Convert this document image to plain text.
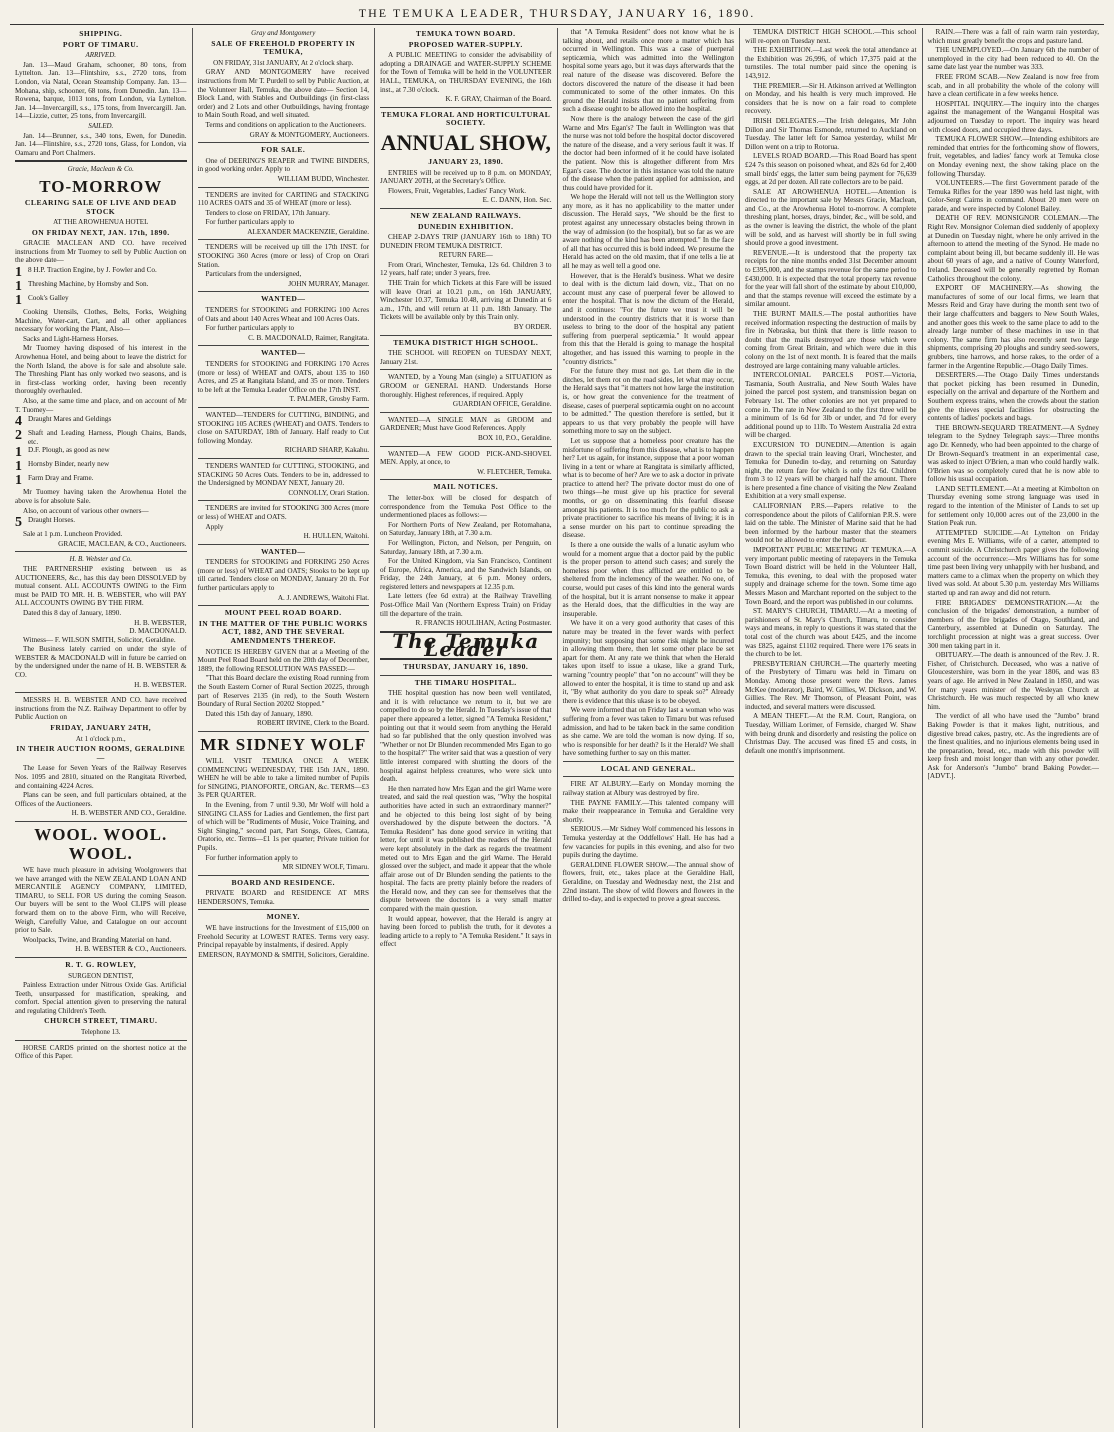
THE TEMUKA LEADER, THURSDAY, JANUARY 16, 1890.
SHIPPING.
PORT OF TIMARU.
ARRIVED.

Jan. 13—Maud Graham, schooner, 80 tons, from Lyttelton. Jan. 13—Flintshire, s.s., 2720 tons, from London, via Natal, Ocean Steamship Company. Jan. 13—Mohana, ship, schooner, 68 tons, from Dunedin. Jan. 13—Rowena, barque, 1013 tons, from London, via Lyttelton. Jan. 14—Invercargill, s.s., 175 tons, from Invercargill. Jan. 14—Lizzie, cutter, 25 tons, from Invercargill.

SAILED.

Jan. 14—Brunner, s.s., 340 tons, Ewen, for Dunedin. Jan. 14—Flintshire, s.s., 2720 tons, Glass, for London, via Oamaru and Port Chalmers.

Gracie, Maclean & Co.
TO-MORROW
CLEARING SALE OF LIVE AND DEAD STOCK
AT THE AROWHENUA HOTEL
ON FRIDAY NEXT, JAN. 17th, 1890.

GRACIE MACLEAN AND CO. have received instructions from Mr Tuomey to sell by Public Auction on the above date—

1 8 H.P. Traction Engine, by J. Fowler and Co.
1 Threshing Machine, by Hornsby and Son.
1 Cook's Galley

Cooking Utensils, Clothes, Belts, Forks, Weighing Machine, Water-cart, Cart, and all other appliances necessary for working the Plant, Also—

Sacks and Light-Harness Horses.

Mr Tuomey having disposed of his interest in the Arowhenua Hotel, and being about to leave the district for the North Island, the above is for sale and absolute sale. The Threshing Plant has only worked two seasons, and is in first-class working order, having been recently thoroughly overhauled.

Also, at the same time and place, and on account of Mr T. Tuomey—

4 Draught Mares and Geldings
2 Shaft and Leading Harness, Plough Chains, Bands, etc.
1 D.F. Plough, as good as new
1 Hornsby Binder, nearly new
1 Farm Dray and Frame.

Mr Tuomey having taken the Arowhenua Hotel the above is for absolute Sale.

Also, on account of various other owners—

5 Draught Horses.

Sale at 1 p.m. Luncheon Provided.

GRACIE, MACLEAN, & CO., Auctioneers.
H. B. Webster and Co.

THE PARTNERSHIP existing between us as AUCTIONEERS, &c., has this day been DISSOLVED by mutual consent. ALL ACCOUNTS OWING to the Firm must be PAID TO MR. H. B. WEBSTER, who will PAY ALL ACCOUNTS OWING BY THE FIRM.

Dated this 8 day of January, 1890.

H. B. WEBSTER,
D. MACDONALD.

Witness— F. WILSON SMITH, Solicitor, Geraldine.

The Business lately carried on under the style of WEBSTER & MACDONALD will in future be carried on by the undersigned under the name of H. B. WEBSTER & CO.

H. B. WEBSTER.

MESSRS H. B. WEBSTER AND CO. have received instructions from the N.Z. Railway Department to offer by Public Auction on

FRIDAY, JANUARY 24TH,
At 1 o'clock p.m.,
IN THEIR AUCTION ROOMS, GERALDINE—

The Lease for Seven Years of the Railway Reserves Nos. 1095 and 2810, situated on the Rangitata Riverbed, and containing 4224 Acres.

Plans can be seen, and full particulars obtained, at the Offices of the Auctioneers.

H. B. WEBSTER AND CO., Geraldine.
WOOL. WOOL. WOOL.

WE have much pleasure in advising Woolgrowers that we have arranged with the NEW ZEALAND LOAN AND MERCANTILE AGENCY COMPANY, LIMITED, TIMARU, to SELL FOR US during the coming Season. Our buyers will be sent to the Wool CLIPS will please forward them on to the above Firm, who will Receive, Weigh, Carefully Value, and Catalogue on our account prior to Sale.

Woolpacks, Twine, and Branding Material on hand.

H. B. WEBSTER & CO., Auctioneers.
R. T. G. ROWLEY,
SURGEON DENTIST,

Painless Extraction under Nitrous Oxide Gas. Artificial Teeth, unsurpassed for mastification, speaking, and comfort. Special attention given to preserving the natural and regulating Children's Teeth.

CHURCH STREET, TIMARU.
Telephone 13.

HORSE CARDS printed on the shortest notice at the Office of this Paper.

Gray and Montgomery
SALE OF FREEHOLD PROPERTY IN TEMUKA,
ON FRIDAY, 31st JANUARY, At 2 o'clock sharp.

GRAY AND MONTGOMERY have received instructions from Mr T. Purdell to sell by Public Auction, at the Volunteer Hall, Temuka, the above date— Section 14, Block Land, with Stables and Outbuildings (in first-class order) and 2 Lots and other Outbuildings, having frontage to Main South Road, and well situated.

Terms and conditions on application to the Auctioneers.

GRAY & MONTGOMERY, Auctioneers.
FOR SALE.

One of DEERING'S REAPER and TWINE BINDERS, in good working order. Apply to

WILLIAM BUDD, Winchester.

TENDERS are invited for CARTING and STACKING 110 ACRES OATS and 35 of WHEAT (more or less).

Tenders to close on FRIDAY, 17th January.

For further particulars apply to

ALEXANDER MACKENZIE, Geraldine.

TENDERS will be received up till the 17th INST. for STOOKING 360 Acres (more or less) of Crop on Orari Station.

Particulars from the undersigned,

JOHN MURRAY, Manager.
WANTED—

TENDERS for STOOKING and FORKING 100 Acres of Oats and about 140 Acres Wheat and 100 Acres Oats.

For further particulars apply to

C. B. MACDONALD, Raimer, Rangitata.
WANTED—

TENDERS for STOOKING and FORKING 170 Acres (more or less) of WHEAT and OATS, about 135 to 160 Acres, and 25 at Rangitata Island, and 35 or more. Tenders to be left at the Temuka Leader Office on the 17th INST.

T. PALMER, Grosby Farm.

WANTED—TENDERS for CUTTING, BINDING, and STOOKING 105 ACRES (WHEAT) and OATS. Tenders to close on SATURDAY, 18th of January. Half ready to Cut following Monday.

RICHARD SHARP, Kakahu.

TENDERS WANTED for CUTTING, STOOKING, and STACKING 50 Acres Oats. Tenders to be in, addressed to the Undersigned by MONDAY NEXT, January 20.

CONNOLLY, Orari Station.

TENDERS are invited for STOOKING 300 Acres (more or less) of WHEAT and OATS.

Apply

H. HULLEN, Waitohi.
WANTED—

TENDERS for STOOKING and FORKING 250 Acres (more or less) of WHEAT and OATS; Stooks to be kept up till carted. Tenders close on MONDAY, January 20 th. For further particulars apply to

A. J. ANDREWS, Waitohi Flat.
MOUNT PEEL ROAD BOARD.
IN THE MATTER OF THE PUBLIC WORKS ACT, 1882, AND THE SEVERAL AMENDMENTS THEREOF.

NOTICE IS HEREBY GIVEN that at a Meeting of the Mount Peel Road Board held on the 20th day of December, 1889, the following RESOLUTION WAS PASSED:—

"That this Board declare the existing Road running from the South Eastern Corner of Rural Section 20225, through part of Reserves 2135 (in red), to the South Western Boundary of Rural Section 20202 Stopped."

Dated this 15th day of January, 1890.

ROBERT IRVINE, Clerk to the Board.
MR SIDNEY WOLF

WILL VISIT TEMUKA ONCE A WEEK COMMENCING WEDNESDAY, THE 15th JAN., 1890. WHEN he will be able to take a limited number of Pupils for SINGING, PIANOFORTE, ORGAN, &c. TERMS—£3 3s PER QUARTER.

In the Evening, from 7 until 9.30, Mr Wolf will hold a SINGING CLASS for Ladies and Gentlemen, the first part of which will be "Rudiments of Music, Voice Training, and Sight Singing," second part, Part Songs, Glees, Cantata, Oratorio, etc. Terms—£1 1s per quarter; Private tuition for Pupils.

For further information apply to

MR SIDNEY WOLF, Timaru.
BOARD AND RESIDENCE.

PRIVATE BOARD and RESIDENCE AT MRS HENDERSON'S, Temuka.

MONEY.

WE have instructions for the Investment of £15,000 on Freehold Security at LOWEST RATES. Terms very easy. Principal repayable by instalments, if desired. Apply

EMERSON, RAYMOND & SMITH, Solicitors, Geraldine.
TEMUKA TOWN BOARD.
PROPOSED WATER-SUPPLY.

A PUBLIC MEETING to consider the advisability of adopting a DRAINAGE and WATER-SUPPLY SCHEME for the Town of Temuka will be held in the VOLUNTEER HALL, TEMUKA, on THURSDAY EVENING, the 16th inst., at 7.30 o'clock.

K. F. GRAY, Chairman of the Board.
TEMUKA FLORAL AND HORTICULTURAL SOCIETY.
ANNUAL SHOW,
JANUARY 23, 1890.

ENTRIES will be received up to 8 p.m. on MONDAY, JANUARY 20TH, at the Secretary's Office.

Flowers, Fruit, Vegetables, Ladies' Fancy Work.

E. C. DANN, Hon. Sec.
NEW ZEALAND RAILWAYS.
DUNEDIN EXHIBITION.

CHEAP 2-DAYS TRIP (JANUARY 16th to 18th) TO DUNEDIN FROM TEMUKA DISTRICT.

RETURN FARE—

From Orari, Winchester, Temuka, 12s 6d. Children 3 to 12 years, half rate; under 3 years, free.

THE Train for which Tickets at this Fare will be issued will leave Orari at 10.21 p.m., on 16th JANUARY, Winchester 10.37, Temuka 10.48, arriving at Dunedin at 6 a.m., 17th, and will return at 11 p.m. 18th January. The Tickets will be available only by this Train only.

BY ORDER.
TEMUKA DISTRICT HIGH SCHOOL.

THE SCHOOL will REOPEN on TUESDAY NEXT, January 21st.

WANTED, by a Young Man (single) a SITUATION as GROOM or GENERAL HAND. Understands Horse thoroughly. Highest references, if required. Apply

GUARDIAN OFFICE, Geraldine.

WANTED—A SINGLE MAN as GROOM and GARDENER; Must have Good References. Apply

BOX 10, P.O., Geraldine.

WANTED—A FEW GOOD PICK-AND-SHOVEL MEN. Apply, at once, to

W. FLETCHER, Temuka.
MAIL NOTICES.

The letter-box will be closed for despatch of correspondence from the Temuka Post Office to the undermentioned places as follows:—

For Northern Ports of New Zealand, per Rotomahana, on Saturday, January 18th, at 7.30 a.m.

For Wellington, Picton, and Nelson, per Penguin, on Saturday, January 18th, at 7.30 a.m.

For the United Kingdom, via San Francisco, Continent of Europe, Africa, America, and the Sandwich Islands, on Friday, the 24th January, at 6 p.m. Money orders, registered letters and newspapers at 12.35 p.m.

Late letters (fee 6d extra) at the Railway Travelling Post-Office Mail Van (Northern Express Train) on Friday till the departure of the train.

R. FRANCIS HOULIHAN, Acting Postmaster.
The Temuka Leader
THURSDAY, JANUARY 16, 1890.
THE TIMARU HOSPITAL.

THE hospital question has now been well ventilated, and it is with reluctance we return to it, but we are compelled to do so by the Herald. In Tuesday's issue of that paper there appeared a letter, signed "A Temuka Resident," pointing out that it would seem from anything the Herald had so far published that the only question involved was "Whether or not Dr Blunden recommended Mrs Egan to go to the hospital?" The writer said that was a question of very little interest compared with shutting the doors of the hospital against helpless creatures, who were sick unto death.

He then narrated how Mrs Egan and the girl Warne were treated, and said the real question was, "Why the hospital authorities have acted in such an extraordinary manner?" and he objected to this being lost sight of by being overshadowed by the dispute between the doctors. "A Temuka Resident" has done good service in writing that letter, for until it was published the readers of the Herald were kept absolutely in the dark as regards the treatment meted out to Mrs Egan and the girl Warne. The Herald glossed over the subject, and made it appear that the whole affair arose out of Dr Blunden sending the patients to the hospital. The facts are pretty plainly before the readers of the Herald now, and they can see for themselves that the dispute between the doctors is a very small matter compared with the main question.

It would appear, however, that the Herald is angry at having been forced to publish the truth, for it devotes a leading article to a reply to "A Temuka Resident." It says in effect

that "A Temuka Resident" does not know what he is talking about, and retails once more a matter which has occurred in Wellington. This was a case of puerperal septicæmia, which was admitted into the Wellington hospital some years ago, but it was days afterwards that the real nature of the disease was discovered. Before the doctors discovered the nature of the disease it had been communicated to some of the other inmates. On this ground the Herald insists that no patient suffering from such a disease ought to be allowed into the hospital.

Now there is the analogy between the case of the girl Warne and Mrs Egan's? The fault in Wellington was that the nurse was not told before the hospital doctor discovered the nature of the disease, and a very serious fault it was. If the doctor had been informed of it he could have isolated the patient. Now this is altogether different from Mrs Egan's case. The doctor in this instance was told the nature of the disease when the patient applied for admission, and thus could have provided for it.

We hope the Herald will not tell us the Wellington story any more, as it has no applicability to the matter under discussion. The Herald says, "We should be the first to protest against any unnecessary obstacles being thrown in the way of admission (to the hospital), but so far as we are aware nothing of the kind has been attempted." In the face of all that has occurred this is bold indeed. We presume the Herald has acted on the old maxim, that if one tells a lie at all he may as well tell a good one.

However, that is the Herald's business. What we desire to deal with is the dictum laid down, viz., That on no account must any case of puerperal fever be allowed to enter the hospital. That is now the dictum of the Herald, and it continues: "For the future we trust it will be understood in the country districts that it is worse than useless to bring to the door of the hospital any patient suffering from puerperal septicæmia." It would appear from this that the Herald is going to manage the hospital altogether, and has issued this warning to people in the "country districts."

For the future they must not go. Let them die in the ditches, let them rot on the road sides, let what may occur, the Herald says that "it matters not how large the institution is, or how great the convenience for the treatment of disease, cases of puerperal septicæmia ought on no account to be admitted." The question therefore is settled, but it appears to us that very probably the people will have something more to say on the subject.

Let us suppose that a homeless poor creature has the misfortune of suffering from this disease, what is to happen her? Let us again, for instance, suppose that a poor woman living in a tent or whare at Rangitata is similarly afflicted, what is to become of her? Are we to ask a doctor in private practice to attend her? The private doctor must do one of two things—he must give up his practice for several months, or go on disseminating this fearful disease amongst his patients. It is too much for the public to ask a private practitioner to sacrifice his means of living; it is in a sense murder on his part to continue spreading the disease.

Is there a one outside the walls of a lunatic asylum who would for a moment argue that a doctor paid by the public is the proper person to attend such cases; and surely the homeless poor when thus afflicted are entitled to be sheltered from the inclemency of the weather. No one, of course, would put cases of this kind into the general wards of the hospital, but it is arrant nonsense to make it appear as the Herald does, that the difficulties in the way are insuperable.

We have it on a very good authority that cases of this nature may be treated in the fever wards with perfect impunity; but supposing that some risk might be incurred in allowing them there, then let some other place be set apart for them. At any rate we think that when the Herald takes upon itself to issue a ukase, like a grand Turk, warning "country people" that "on no account" will they be allowed to enter the hospital, it is time to stand up and ask it, "By what authority do you dare to speak so?" Already there is evidence that this ukase is to be obeyed.

We were informed that on Friday last a woman who was suffering from a fever was taken to Timaru but was refused admission, and had to be taken back in the same condition as she came. We are told the woman is now dying. If so, who is responsible for her death? Is it the Herald? We shall have something further to say on this matter.

LOCAL AND GENERAL.

FIRE AT ALBURY.—Early on Monday morning the railway station at Albury was destroyed by fire.

THE PAYNE FAMILY.—This talented company will make their reappearance in Temuka and Geraldine very shortly.

SERIOUS.—Mr Sidney Wolf commenced his lessons in Temuka yesterday at the Oddfellows' Hall. He has had a few vacancies for pupils in this evening, and also for two pupils during the daytime.

GERALDINE FLOWER SHOW.—The annual show of flowers, fruit, etc., takes place at the Geraldine Hall, Geraldine, on Tuesday and Wednesday next, the 21st and 22nd instant. The show of wild flowers and flowers in the drilled to-day, and is expected to prove a great success.

TEMUKA DISTRICT HIGH SCHOOL.—This school will re-open on Tuesday next.

THE EXHIBITION.—Last week the total attendance at the Exhibition was 26,996, of which 17,375 paid at the turnstiles. The total number paid since the opening is 143,912.

THE PREMIER.—Sir H. Atkinson arrived at Wellington on Monday, and his health is very much improved. He considers that he is now on a fair road to complete recovery.

IRISH DELEGATES.—The Irish delegates, Mr John Dillon and Sir Thomas Esmonde, returned to Auckland on Tuesday. The latter left for Samoa yesterday, whilst Mr Dillon went on a trip to Rotorua.

LEVELS ROAD BOARD.—This Road Board has spent £24 7s this season on poisoned wheat, and 82s 6d for 2,400 small birds' eggs, the latter sum being payment for 76,639 eggs, at 2d per dozen. All rate collectors are to be paid.

SALE AT AROWHENUA HOTEL.—Attention is directed to the important sale by Messrs Gracie, Maclean, and Co., at the Arowhenua Hotel to-morrow. A complete threshing plant, horses, drays, binder, &c., will be sold, and as the owner is leaving the district, the whole of the plant will be sold, and as harvest will shortly be in full swing should prove a good investment.

REVENUE.—It is understood that the property tax receipts for the nine months ended 31st December amount to £395,000, and the stamps revenue for the same period to £430,000. It is expected that the total property tax revenue for the year will fall short of the estimate by about £10,000, and that the stamps revenue will exceed the estimate by a similar amount.

THE BURNT MAILS.—The postal authorities have received information respecting the destruction of mails by fire in Nebraska, but think that there is little reason to doubt that the mails destroyed are those which were coming from Great Britain, and which were due in this colony on the 1st of next month. It is feared that the mails destroyed are large containing many valuable articles.

INTERCOLONIAL PARCELS POST.—Victoria, Tasmania, South Australia, and New South Wales have joined the parcel post system, and transmission began on February 1st. The other colonies are not yet prepared to come in. The rate in New Zealand to the first three will be a minimum of 1s 6d for 3lb or under, and 7d for every additional pound up to 11lb. To Western Australia 2d extra will be charged.

EXCURSION TO DUNEDIN.—Attention is again drawn to the special train leaving Orari, Winchester, and Temuka for Dunedin to-day, and returning on Saturday night, the return fare for which is only 12s 6d. Children from 3 to 12 years will be charged half the amount. There is here presented a fine chance of visiting the New Zealand Exhibition at a very small expense.

CALIFORNIAN P.RS.—Papers relative to the correspondence about the pilots of Californian P.R.S. were laid on the table. The Minister of Marine said that he had been informed by the harbour master that the steamers would not be allowed to enter the harbour.

IMPORTANT PUBLIC MEETING AT TEMUKA.—A very important public meeting of ratepayers in the Temuka Town Board district will be held in the Volunteer Hall, Temuka, this evening, to deal with the proposed water supply and drainage scheme for the town. Some time ago Messrs Mason and Marchant reported on the subject to the Town Board, and the report was published in our columns.

ST. MARY'S CHURCH, TIMARU.—At a meeting of parishioners of St. Mary's Church, Timaru, to consider ways and means, in reply to questions it was stated that the total cost of the church was about £425, and the income was £825, against £1102 required. There were 176 seats in the church to be let.

PRESBYTERIAN CHURCH.—The quarterly meeting of the Presbytery of Timaru was held in Timaru on Monday. Among those present were the Revs. James McKee (moderator), Baird, W. Gillies, W. Dickson, and W. Gillies. The Rev. Mr Thomson, of Pleasant Point, was inducted, and several matters were discussed.

A MEAN THEFT.—At the R.M. Court, Rangiora, on Tuesday, William Lorimer, of Fernside, charged W. Shaw with being drunk and disorderly and resisting the police on Christmas Day. The accused was fined £5 and costs, in default one month's imprisonment.

RAIN.—There was a fall of rain warm rain yesterday, which must greatly benefit the crops and pasture land.

THE UNEMPLOYED.—On January 6th the number of unemployed in the city had been reduced to 40. On the same date last year the number was 333.

FREE FROM SCAB.—New Zealand is now free from scab, and in all probability the whole of the colony will have a clean certificate in a few weeks hence.

HOSPITAL INQUIRY.—The inquiry into the charges against the management of the Wanganui Hospital was adjourned on Tuesday to report. The inquiry was heard with closed doors, and occupied three days.

TEMUKA FLOWER SHOW.—Intending exhibitors are reminded that entries for the forthcoming show of flowers, fruit, vegetables, and ladies' fancy work at Temuka close on Monday evening next, the show taking place on the following Thursday.

VOLUNTEERS.—The first Government parade of the Temuka Rifles for the year 1890 was held last night, with Color-Sergt Cairns in command. About 20 men were on parade, and were inspected by Colonel Bailey.

DEATH OF REV. MONSIGNOR COLEMAN.—The Right Rev. Monsignor Coleman died suddenly of apoplexy at Dunedin on Tuesday night, where he only arrived in the afternoon to attend the meeting of the Synod. He made no complaint about being ill, but became suddenly ill. He was about 60 years of age, and a native of County Waterford, Ireland. Deceased will be generally regretted by Roman Catholics throughout the colony.

EXPORT OF MACHINERY.—As showing the manufactures of some of our local firms, we learn that Messrs Reid and Gray have during the month sent two of their large chaffcutters and baggers to New South Wales, and another goes this week to the same place to add to the already large number of these machines in use in that colony. The same firm has also recently sent two large shipments, comprising 20 ploughs and sundry seed-sowers, grubbers, tine harrows, and horse rakes, to the order of a farmer in the Argentine Republic.—Otago Daily Times.

DESERTERS.—The Otago Daily Times understands that pocket picking has been resumed in Dunedin, especially on the arrival and departure of the Northern and Southern express trains, when the crowds about the station give the thieves special facilities for obstructing the contents of ladies' pockets and bags.

THE BROWN-SEQUARD TREATMENT.—A Sydney telegram to the Sydney Telegraph says:—Three months ago Dr. Kennedy, who had been appointed to the charge of Dr Brown-Sequard's treatment in an experimental case, was asked to inject O'Brien, a man who could hardly walk. O'Brien was so completely cured that he is now able to follow his usual occupation.

LAND SETTLEMENT.—At a meeting at Kimbolton on Thursday evening some strong language was used in regard to the intention of the Minister of Lands to set up for settlement only 10,000 acres out of the 23,000 in the Station Peak run.

ATTEMPTED SUICIDE.—At Lyttelton on Friday evening Mrs E. Williams, wife of a carter, attempted to commit suicide. A Christchurch paper gives the following account of the occurrence:—Mrs Williams has for some time past been living very unhappily with her husband, and matters came to a climax when the property on which they lived was sold. At about 5.30 p.m. yesterday Mrs Williams started up and ran away and did not return.

FIRE BRIGADES' DEMONSTRATION.—At the conclusion of the brigades' demonstration, a number of members of the fire brigades of Otago, Southland, and Canterbury, assembled at Dunedin on Saturday. The torchlight procession at night was a great success. Over 300 men taking part in it.

OBITUARY.—The death is announced of the Rev. J. R. Fisher, of Christchurch. Deceased, who was a native of Gloucestershire, was born in the year 1806, and was 83 years of age. He arrived in New Zealand in 1850, and was for many years minister of the Wesleyan Church at Christchurch. He was much respected by all who knew him.

The verdict of all who have used the "Jumbo" brand Baking Powder is that it makes light, nutritious, and digestive bread cakes, pastry, etc. As the ingredients are of the finest qualities, and no injurious elements being used in the preparation, bread, etc., made with this powder will keep fresh and moist longer than with any other powder. Ask for Anderson's "Jumbo" brand Baking Powder.—[ADVT.].
